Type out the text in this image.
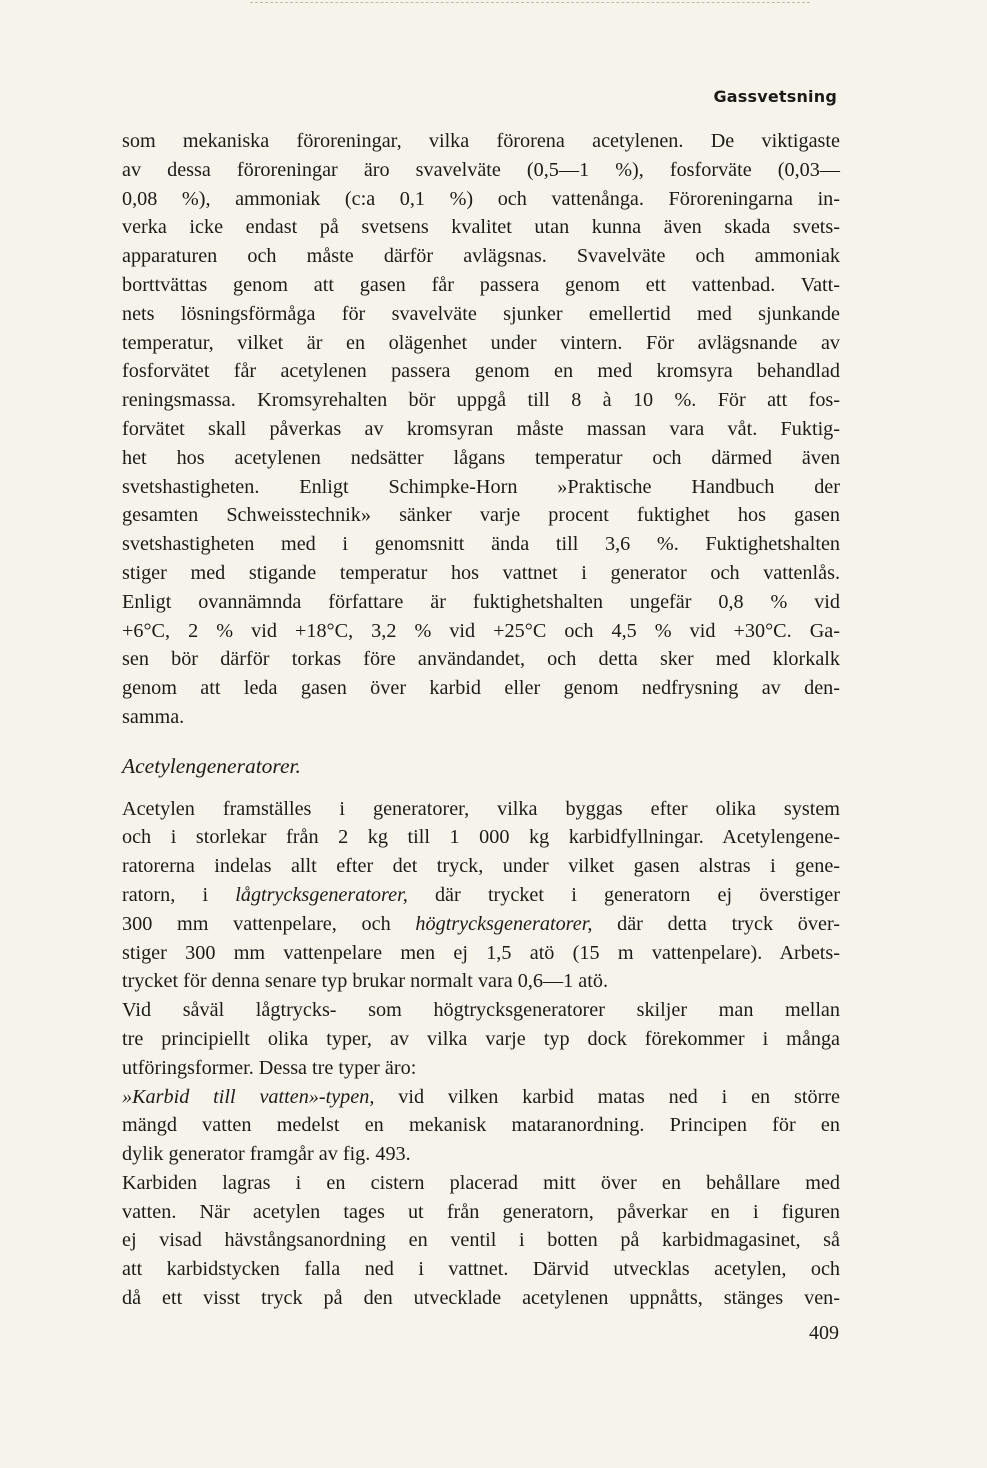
Gassvetsning
som mekaniska föroreningar, vilka förorena acetylenen. De viktigaste
av dessa föroreningar äro svavelväte (0,5—1 %), fosforväte (0,03—
0,08 %), ammoniak (c:a 0,1 %) och vattenånga. Föroreningarna in-
verka icke endast på svetsens kvalitet utan kunna även skada svets-
apparaturen och måste därför avlägsnas. Svavelväte och ammoniak
borttvättas genom att gasen får passera genom ett vattenbad. Vatt-
nets lösningsförmåga för svavelväte sjunker emellertid med sjunkande
temperatur, vilket är en olägenhet under vintern. För avlägsnande av
fosforvätet får acetylenen passera genom en med kromsyra behandlad
reningsmassa. Kromsyrehalten bör uppgå till 8 à 10 %. För att fos-
forvätet skall påverkas av kromsyran måste massan vara våt. Fuktig-
het hos acetylenen nedsätter lågans temperatur och därmed även
svetshastigheten. Enligt Schimpke-Horn »Praktische Handbuch der
gesamten Schweisstechnik» sänker varje procent fuktighet hos gasen
svetshastigheten med i genomsnitt ända till 3,6 %. Fuktighetshalten
stiger med stigande temperatur hos vattnet i generator och vattenlås.
Enligt ovannämnda författare är fuktighetshalten ungefär 0,8 % vid
+6°C, 2 % vid +18°C, 3,2 % vid +25°C och 4,5 % vid +30°C. Ga-
sen bör därför torkas före användandet, och detta sker med klorkalk
genom att leda gasen över karbid eller genom nedfrysning av den-
samma.
Acetylengeneratorer.
Acetylen framställes i generatorer, vilka byggas efter olika system
och i storlekar från 2 kg till 1 000 kg karbidfyllningar. Acetylengene-
ratorerna indelas allt efter det tryck, under vilket gasen alstras i gene-
ratorn, i lågtrycksgeneratorer, där trycket i generatorn ej överstiger
300 mm vattenpelare, och högtrycksgeneratorer, där detta tryck över-
stiger 300 mm vattenpelare men ej 1,5 atö (15 m vattenpelare). Arbets-
trycket för denna senare typ brukar normalt vara 0,6—1 atö.
Vid såväl lågtrycks- som högtrycksgeneratorer skiljer man mellan
tre principiellt olika typer, av vilka varje typ dock förekommer i många
utföringsformer. Dessa tre typer äro:
»Karbid till vatten»-typen, vid vilken karbid matas ned i en större
mängd vatten medelst en mekanisk mataranordning. Principen för en
dylik generator framgår av fig. 493.
Karbiden lagras i en cistern placerad mitt över en behållare med
vatten. När acetylen tages ut från generatorn, påverkar en i figuren
ej visad hävstångsanordning en ventil i botten på karbidmagasinet, så
att karbidstycken falla ned i vattnet. Därvid utvecklas acetylen, och
då ett visst tryck på den utvecklade acetylenen uppnåtts, stänges ven-
409
